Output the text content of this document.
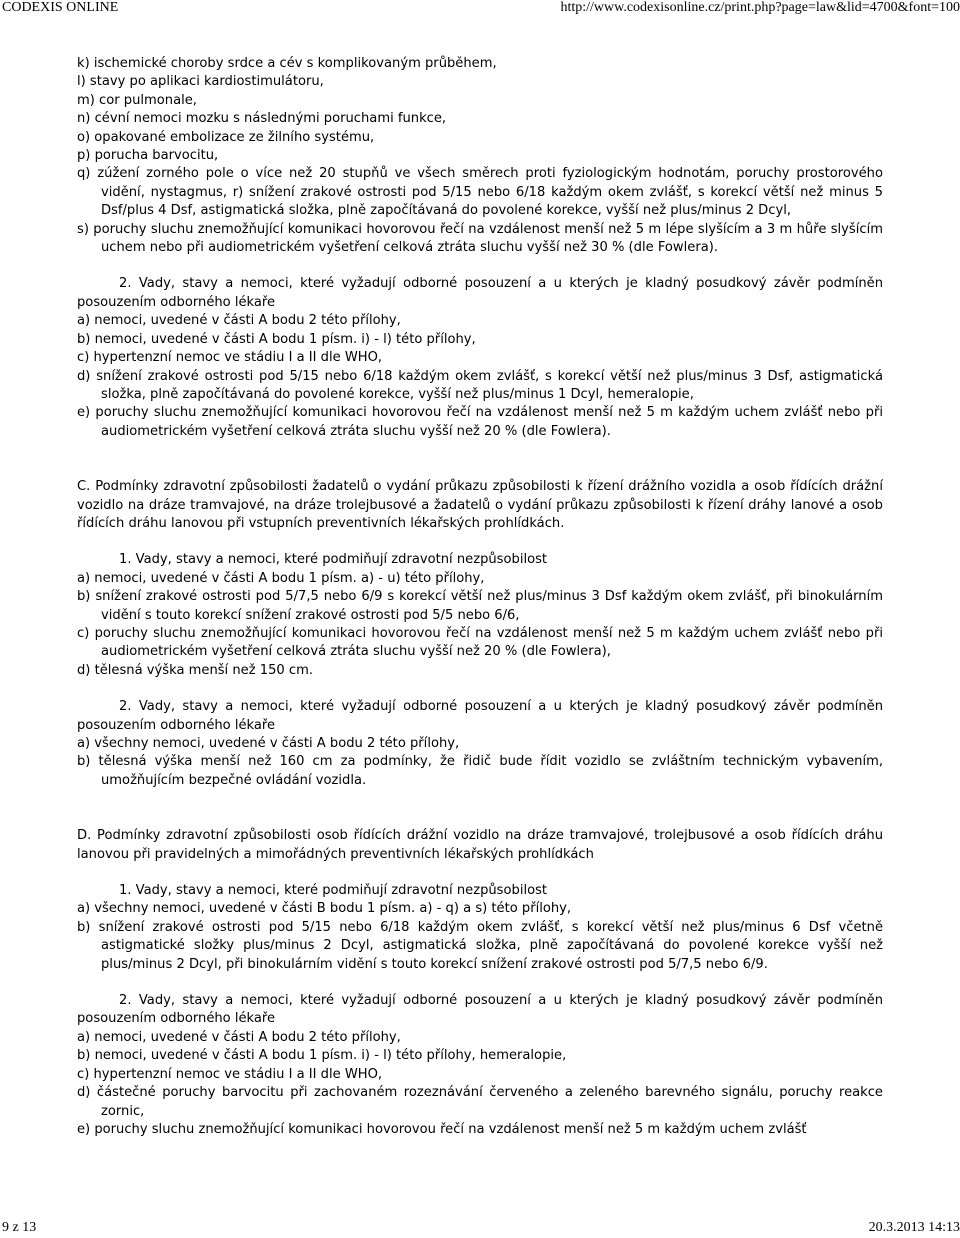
CODEXIS ONLINE	http://www.codexisonline.cz/print.php?page=law&lid=4700&font=100

k) ischemické choroby srdce a cév s komplikovaným průběhem,

l) stavy po aplikaci kardiostimulátoru,

m) cor pulmonale,

n) cévní nemoci mozku s následnými poruchami funkce,

o) opakované embolizace ze žilního systému,

p) porucha barvocitu,

q) zúžení zorného pole o více než 20 stupňů ve všech směrech proti fyziologickým hodnotám, poruchy prostorového vidění, nystagmus, r) snížení zrakové ostrosti pod 5/15 nebo 6/18 každým okem zvlášť, s korekcí větší než minus 5 Dsf/plus 4 Dsf, astigmatická složka, plně započítávaná do povolené korekce, vyšší než plus/minus 2 Dcyl,

s) poruchy sluchu znemožňující komunikaci hovorovou řečí na vzdálenost menší než 5 m lépe slyšícím a 3 m hůře slyšícím uchem nebo při audiometrickém vyšetření celková ztráta sluchu vyšší než 30 % (dle Fowlera).

2. Vady, stavy a nemoci, které vyžadují odborné posouzení a u kterých je kladný posudkový závěr podmíněn posouzením odborného lékaře

a) nemoci, uvedené v části A bodu 2 této přílohy,

b) nemoci, uvedené v části A bodu 1 písm. i) - l) této přílohy,

c) hypertenzní nemoc ve stádiu I a II dle WHO,

d) snížení zrakové ostrosti pod 5/15 nebo 6/18 každým okem zvlášť, s korekcí větší než plus/minus 3 Dsf, astigmatická složka, plně započítávaná do povolené korekce, vyšší než plus/minus 1 Dcyl, hemeralopie,

e) poruchy sluchu znemožňující komunikaci hovorovou řečí na vzdálenost menší než 5 m každým uchem zvlášť nebo při audiometrickém vyšetření celková ztráta sluchu vyšší než 20 % (dle Fowlera).

C. Podmínky zdravotní způsobilosti žadatelů o vydání průkazu způsobilosti k řízení drážního vozidla a osob řídících drážní vozidlo na dráze tramvajové, na dráze trolejbusové a žadatelů o vydání průkazu způsobilosti k řízení dráhy lanové a osob řídících dráhu lanovou při vstupních preventivních lékařských prohlídkách.

1. Vady, stavy a nemoci, které podmiňují zdravotní nezpůsobilost

a) nemoci, uvedené v části A bodu 1 písm. a) - u) této přílohy,

b) snížení zrakové ostrosti pod 5/7,5 nebo 6/9 s korekcí větší než plus/minus 3 Dsf každým okem zvlášť, při binokulárním vidění s touto korekcí snížení zrakové ostrosti pod 5/5 nebo 6/6,

c) poruchy sluchu znemožňující komunikaci hovorovou řečí na vzdálenost menší než 5 m každým uchem zvlášť nebo při audiometrickém vyšetření celková ztráta sluchu vyšší než 20 % (dle Fowlera),

d) tělesná výška menší než 150 cm.

2. Vady, stavy a nemoci, které vyžadují odborné posouzení a u kterých je kladný posudkový závěr podmíněn posouzením odborného lékaře

a) všechny nemoci, uvedené v části A bodu 2 této přílohy,

b) tělesná výška menší než 160 cm za podmínky, že řidič bude řídit vozidlo se zvláštním technickým vybavením, umožňujícím bezpečné ovládání vozidla.

D. Podmínky zdravotní způsobilosti osob řídících drážní vozidlo na dráze tramvajové, trolejbusové a osob řídících dráhu lanovou při pravidelných a mimořádných preventivních lékařských prohlídkách

1. Vady, stavy a nemoci, které podmiňují zdravotní nezpůsobilost

a) všechny nemoci, uvedené v části B bodu 1 písm. a) - q) a s) této přílohy,

b) snížení zrakové ostrosti pod 5/15 nebo 6/18 každým okem zvlášť, s korekcí větší než plus/minus 6 Dsf včetně astigmatické složky plus/minus 2 Dcyl, astigmatická složka, plně započítávaná do povolené korekce vyšší než plus/minus 2 Dcyl, při binokulárním vidění s touto korekcí snížení zrakové ostrosti pod 5/7,5 nebo 6/9.

2. Vady, stavy a nemoci, které vyžadují odborné posouzení a u kterých je kladný posudkový závěr podmíněn posouzením odborného lékaře

a) nemoci, uvedené v části A bodu 2 této přílohy,

b) nemoci, uvedené v části A bodu 1 písm. i) - l) této přílohy, hemeralopie,

c) hypertenzní nemoc ve stádiu I a II dle WHO,

d) částečné poruchy barvocitu při zachovaném rozeznávání červeného a zeleného barevného signálu, poruchy reakce zornic,

e) poruchy sluchu znemožňující komunikaci hovorovou řečí na vzdálenost menší než 5 m každým uchem zvlášť

9 z 13	20.3.2013 14:13
